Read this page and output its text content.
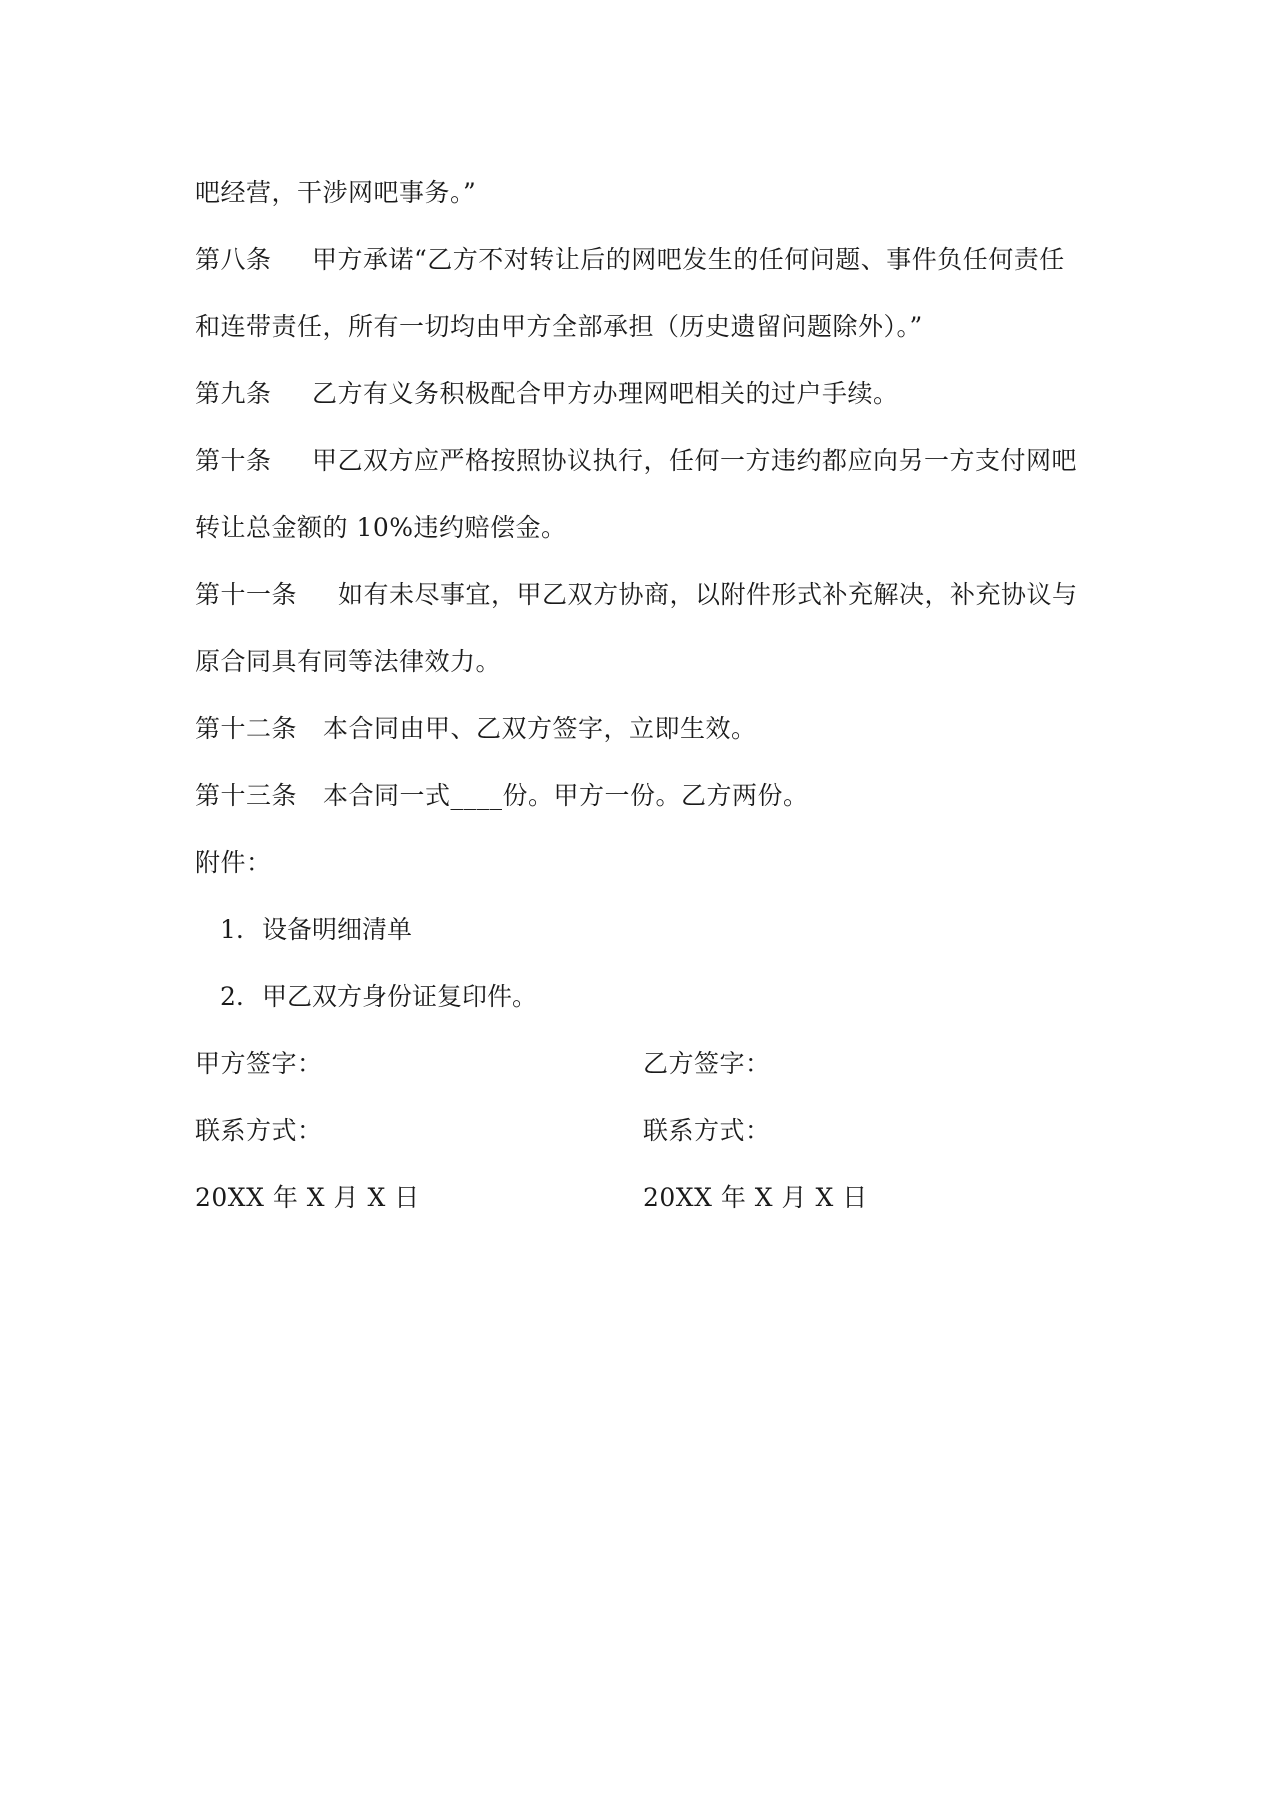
吧经营，干涉网吧事务。”
第八条 甲方承诺“乙方不对转让后的网吧发生的任何问题、事件负任何责任
和连带责任，所有一切均由甲方全部承担（历史遗留问题除外）。”
第九条 乙方有义务积极配合甲方办理网吧相关的过户手续。
第十条 甲乙双方应严格按照协议执行，任何一方违约都应向另一方支付网吧
转让总金额的 10%违约赔偿金。
第十一条 如有未尽事宜，甲乙双方协商，以附件形式补充解决，补充协议与
原合同具有同等法律效力。
第十二条 本合同由甲、乙双方签字，立即生效。
第十三条 本合同一式____份。甲方一份。乙方两份。
附件：
1. 设备明细清单
2. 甲乙双方身份证复印件。
甲方签字：	乙方签字：
联系方式：	联系方式：
20XX 年 X 月 X 日	20XX 年 X 月 X 日
